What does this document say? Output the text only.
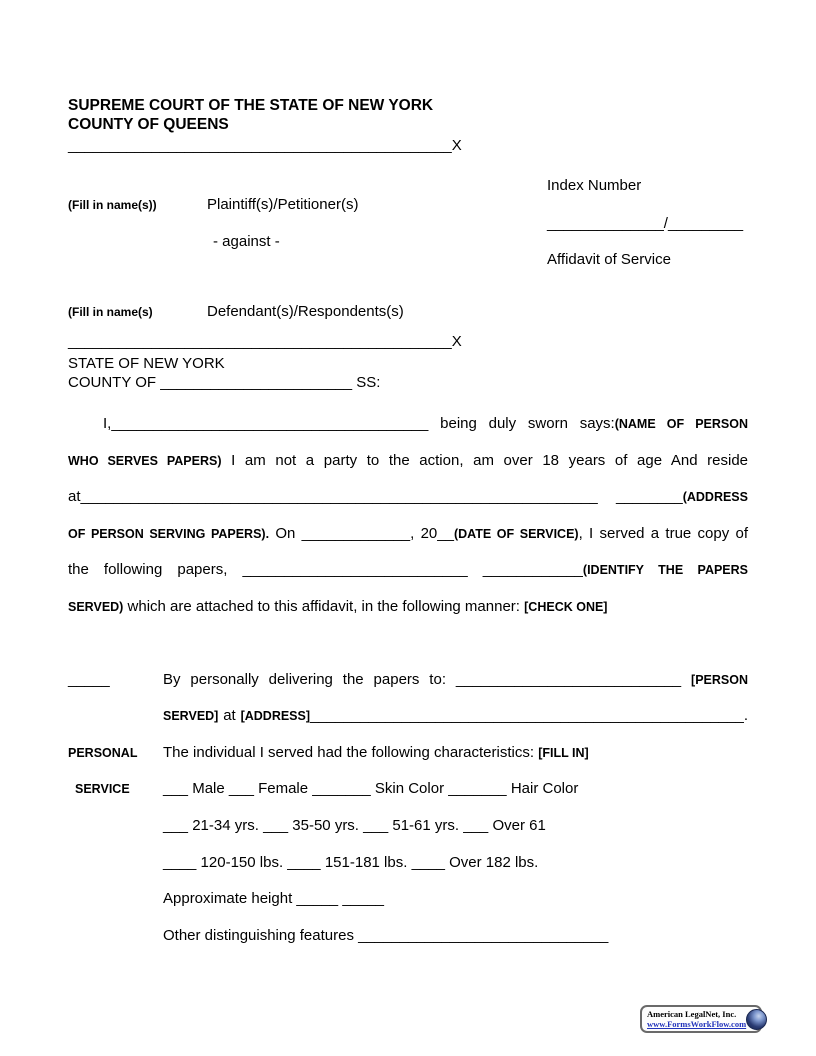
SUPREME COURT OF THE STATE OF NEW YORK
COUNTY OF QUEENS
______________________________________________X
(Fill in name(s))	Plaintiff(s)/Petitioner(s)
- against -
(Fill in name(s)	Defendant(s)/Respondents(s)
Index Number
______________/_________
Affidavit of Service
______________________________________________X
STATE OF NEW YORK
COUNTY OF _______________________ SS:
I,______________________________________ being duly sworn says:(NAME OF PERSON
WHO SERVES PAPERS) I am not a party to the action, am over 18 years of age And reside
at______________________________________________________________ ________(ADDRESS
OF PERSON SERVING PAPERS). On _____________, 20__(DATE OF SERVICE), I served a true copy of
the following papers, ___________________________ ____________(IDENTIFY THE PAPERS
SERVED) which are attached to this affidavit, in the following manner: [CHECK ONE]
_____	By personally delivering the papers to: ___________________________ [PERSON
SERVED] at [ADDRESS]____________________________________________________.
PERSONAL	The individual I served had the following characteristics: [FILL IN]
SERVICE	___ Male ___ Female _______ Skin Color _______ Hair Color
___ 21-34 yrs. ___ 35-50 yrs. ___ 51-61 yrs. ___ Over 61
____ 120-150 lbs. ____ 151-181 lbs. ____ Over 182 lbs.
Approximate height _____ _____
Other distinguishing features ______________________________
American LegalNet, Inc.
www.FormsWorkFlow.com
